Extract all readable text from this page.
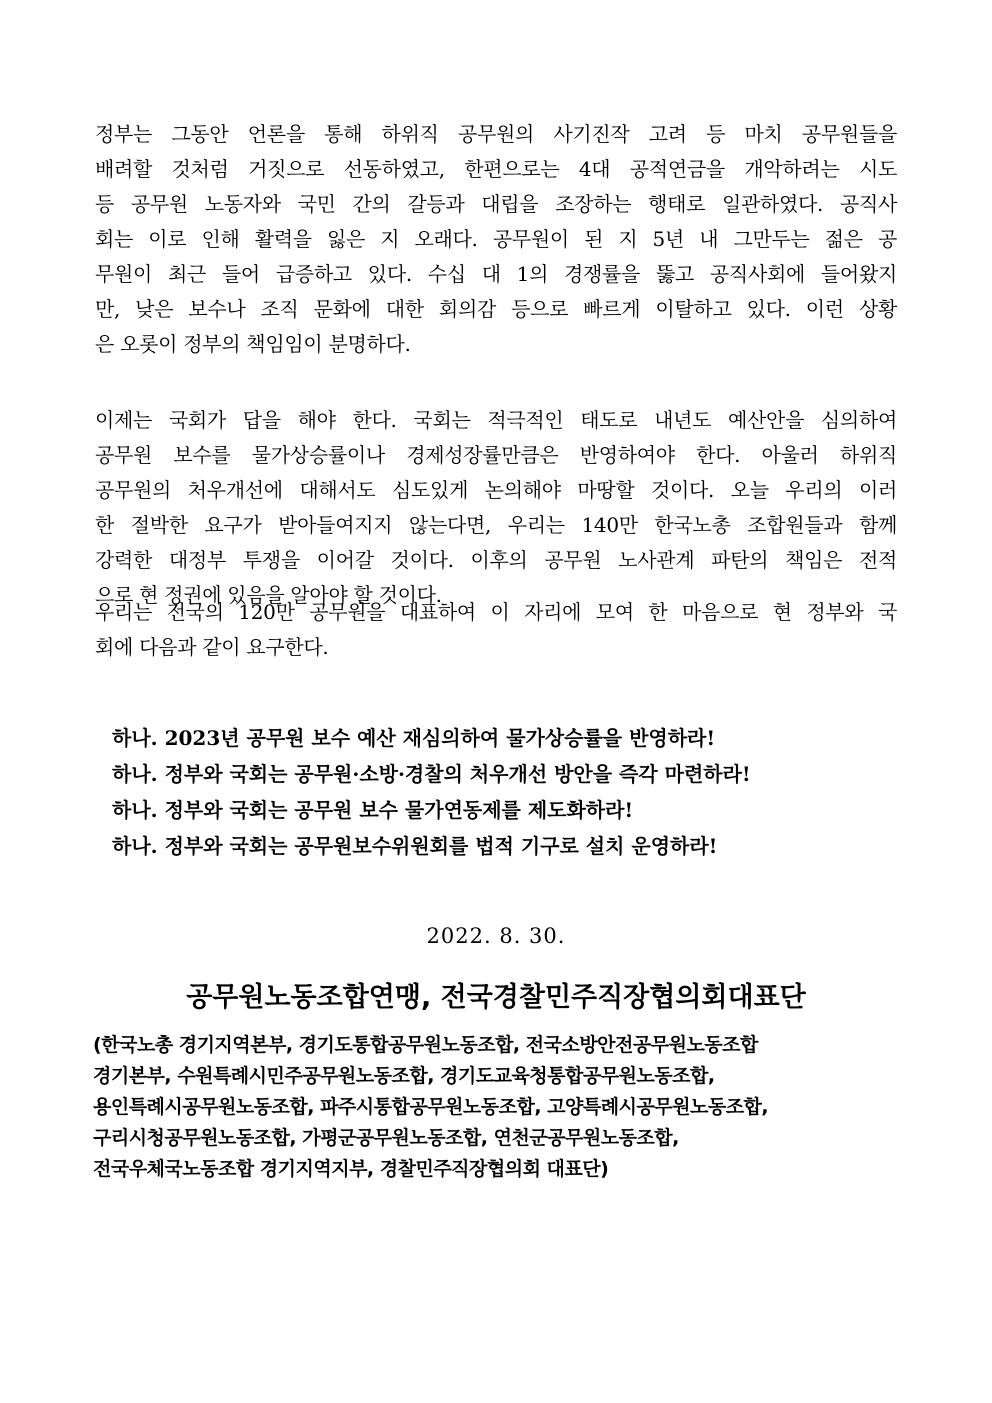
정부는 그동안 언론을 통해 하위직 공무원의 사기진작 고려 등 마치 공무원들을
배려할 것처럼 거짓으로 선동하였고, 한편으로는 4대 공적연금을 개악하려는 시도
등 공무원 노동자와 국민 간의 갈등과 대립을 조장하는 행태로 일관하였다. 공직사
회는 이로 인해 활력을 잃은 지 오래다. 공무원이 된 지 5년 내 그만두는 젊은 공
무원이 최근 들어 급증하고 있다. 수십 대 1의 경쟁률을 뚫고 공직사회에 들어왔지
만, 낮은 보수나 조직 문화에 대한 회의감 등으로 빠르게 이탈하고 있다. 이런 상황
은 오롯이 정부의 책임임이 분명하다.

이제는 국회가 답을 해야 한다. 국회는 적극적인 태도로 내년도 예산안을 심의하여
공무원 보수를 물가상승률이나 경제성장률만큼은 반영하여야 한다. 아울러 하위직
공무원의 처우개선에 대해서도 심도있게 논의해야 마땅할 것이다. 오늘 우리의 이러
한 절박한 요구가 받아들여지지 않는다면, 우리는 140만 한국노총 조합원들과 함께
강력한 대정부 투쟁을 이어갈 것이다. 이후의 공무원 노사관계 파탄의 책임은 전적
으로 현 정권에 있음을 알아야 할 것이다.

우리는 전국의 120만 공무원을 대표하여 이 자리에 모여 한 마음으로 현 정부와 국
회에 다음과 같이 요구한다.

하나. 2023년 공무원 보수 예산 재심의하여 물가상승률을 반영하라!
하나. 정부와 국회는 공무원·소방·경찰의 처우개선 방안을 즉각 마련하라!
하나. 정부와 국회는 공무원 보수 물가연동제를 제도화하라!
하나. 정부와 국회는 공무원보수위원회를 법적 기구로 설치 운영하라!
2022. 8. 30.
공무원노동조합연맹, 전국경찰민주직장협의회대표단
(한국노총 경기지역본부, 경기도통합공무원노동조합, 전국소방안전공무원노동조합
경기본부, 수원특례시민주공무원노동조합, 경기도교육청통합공무원노동조합,
용인특례시공무원노동조합, 파주시통합공무원노동조합, 고양특례시공무원노동조합,
구리시청공무원노동조합, 가평군공무원노동조합, 연천군공무원노동조합,
전국우체국노동조합 경기지역지부, 경찰민주직장협의회 대표단)
